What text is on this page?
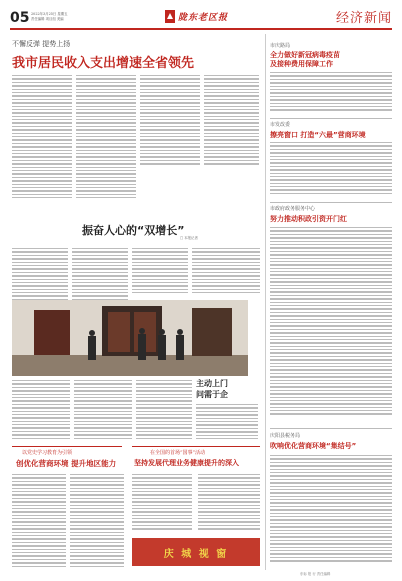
05 2022年3月25日 星期五
责任编辑 项目组 美编	陇东老区报	经济新闻
不懈反弹 提势上扬
我市居民收入支出增速全省领先
振奋人心的“双增长”
□ 本报记者
主动上门
问需于企
以党史学习教育为引领
创优化营商环境 提升地区能力
在全国的首场“国事”活动
坚持发展代理业务健康提升的深入
庆 城 视 窗
市庆路局
全力做好新冠病毒疫苗
及接种费用保障工作
市发改委
擦亮窗口 打造“六最”营商环境
市政府政务服务中心
努力推动积政引资开门红
庆阳县税务局
吹响优化营商环境“集结号”
东标 报 行 责任编辑
